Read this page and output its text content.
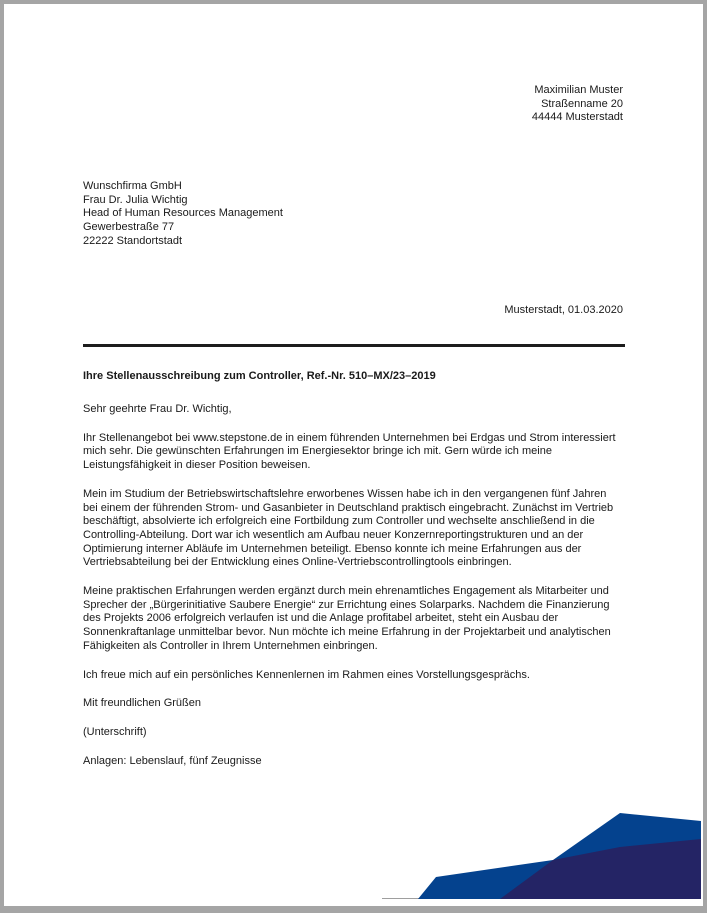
Maximilian Muster
Straßenname 20
44444 Musterstadt
Wunschfirma GmbH
Frau Dr. Julia Wichtig
Head of Human Resources Management
Gewerbestraße 77
22222 Standortstadt
Musterstadt, 01.03.2020
Ihre Stellenausschreibung zum Controller, Ref.-Nr. 510–MX/23–2019

Sehr geehrte Frau Dr. Wichtig,

Ihr Stellenangebot bei www.stepstone.de in einem führenden Unternehmen bei Erdgas und Strom interessiert mich sehr. Die gewünschten Erfahrungen im Energiesektor bringe ich mit. Gern würde ich meine Leistungsfähigkeit in dieser Position beweisen.

Mein im Studium der Betriebswirtschaftslehre erworbenes Wissen habe ich in den vergangenen fünf Jahren bei einem der führenden Strom- und Gasanbieter in Deutschland praktisch eingebracht. Zunächst im Vertrieb beschäftigt, absolvierte ich erfolgreich eine Fortbildung zum Controller und wechselte anschließend in die Controlling-Abteilung. Dort war ich wesentlich am Aufbau neuer Konzernreportingstrukturen und an der Optimierung interner Abläufe im Unternehmen beteiligt. Ebenso konnte ich meine Erfahrungen aus der Vertriebsabteilung bei der Entwicklung eines Online-Vertriebscontrollingtools einbringen.

Meine praktischen Erfahrungen werden ergänzt durch mein ehrenamtliches Engagement als Mitarbeiter und Sprecher der „Bürgerinitiative Saubere Energie“ zur Errichtung eines Solarparks. Nachdem die Finanzierung des Projekts 2006 erfolgreich verlaufen ist und die Anlage profitabel arbeitet, steht ein Ausbau der Sonnenkraftanlage unmittelbar bevor. Nun möchte ich meine Erfahrung in der Projektarbeit und analytischen Fähigkeiten als Controller in Ihrem Unternehmen einbringen.

Ich freue mich auf ein persönliches Kennenlernen im Rahmen eines Vorstellungsgesprächs.

Mit freundlichen Grüßen

(Unterschrift)

Anlagen: Lebenslauf, fünf Zeugnisse
